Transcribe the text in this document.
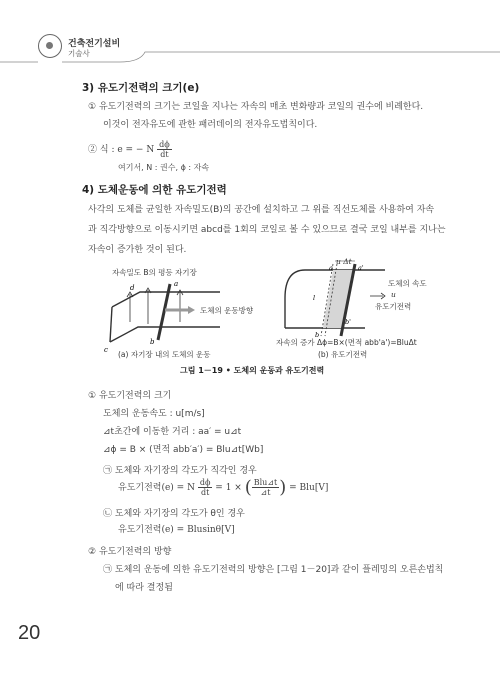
건축전기설비
기술사
3) 유도기전력의 크기(e)
① 유도기전력의 크기는 코일을 지나는 자속의 매초 변화량과 코일의 권수에 비례한다.
이것이 전자유도에 관한 패러데이의 전자유도법칙이다.
② 식 : e = − N $\frac{d\phi}{dt}$
여기서, N : 권수, ϕ : 자속
4) 도체운동에 의한 유도기전력
사각의 도체를 균일한 자속밀도(B)의 공간에 설치하고 그 위를 직선도체를 사용하여 자속
과 직각방향으로 이동시키면 abcd를 1회의 코일로 볼 수 있으므로 결국 코일 내부를 지나는
자속이 증가한 것이 된다.
d	a
b
c
자속밀도 B의 평등 자기장
도체의 운동방향
(a) 자기장 내의 도체의 운동
a	a'
l
b
b'
u Δt
도체의 속도
u
유도기전력
자속의 증가 Δϕ=B×(면적 abb'a')=BluΔt
(b) 유도기전력
그림 1－19 • 도체의 운동과 유도기전력
① 유도기전력의 크기
도체의 운동속도 : u[m/s]
⊿t초간에 이동한 거리 : aa′ = u⊿t
⊿ϕ = B × (면적 abb′a′) = Blu⊿t[Wb]
㉠ 도체와 자기장의 각도가 직각인 경우
유도기전력(e) = N $\frac{d\phi}{dt} = 1$ × ( $\frac{\text{Blu⊿t}}{⊿t}$ ) = Blu[V]
㉡ 도체와 자기장의 각도가 θ인 경우
유도기전력(e) = Blusinθ[V]
② 유도기전력의 방향
㉠ 도체의 운동에 의한 유도기전력의 방향은 [그림 1－20]과 같이 플레밍의 오른손법칙
에 따라 결정됨
20
